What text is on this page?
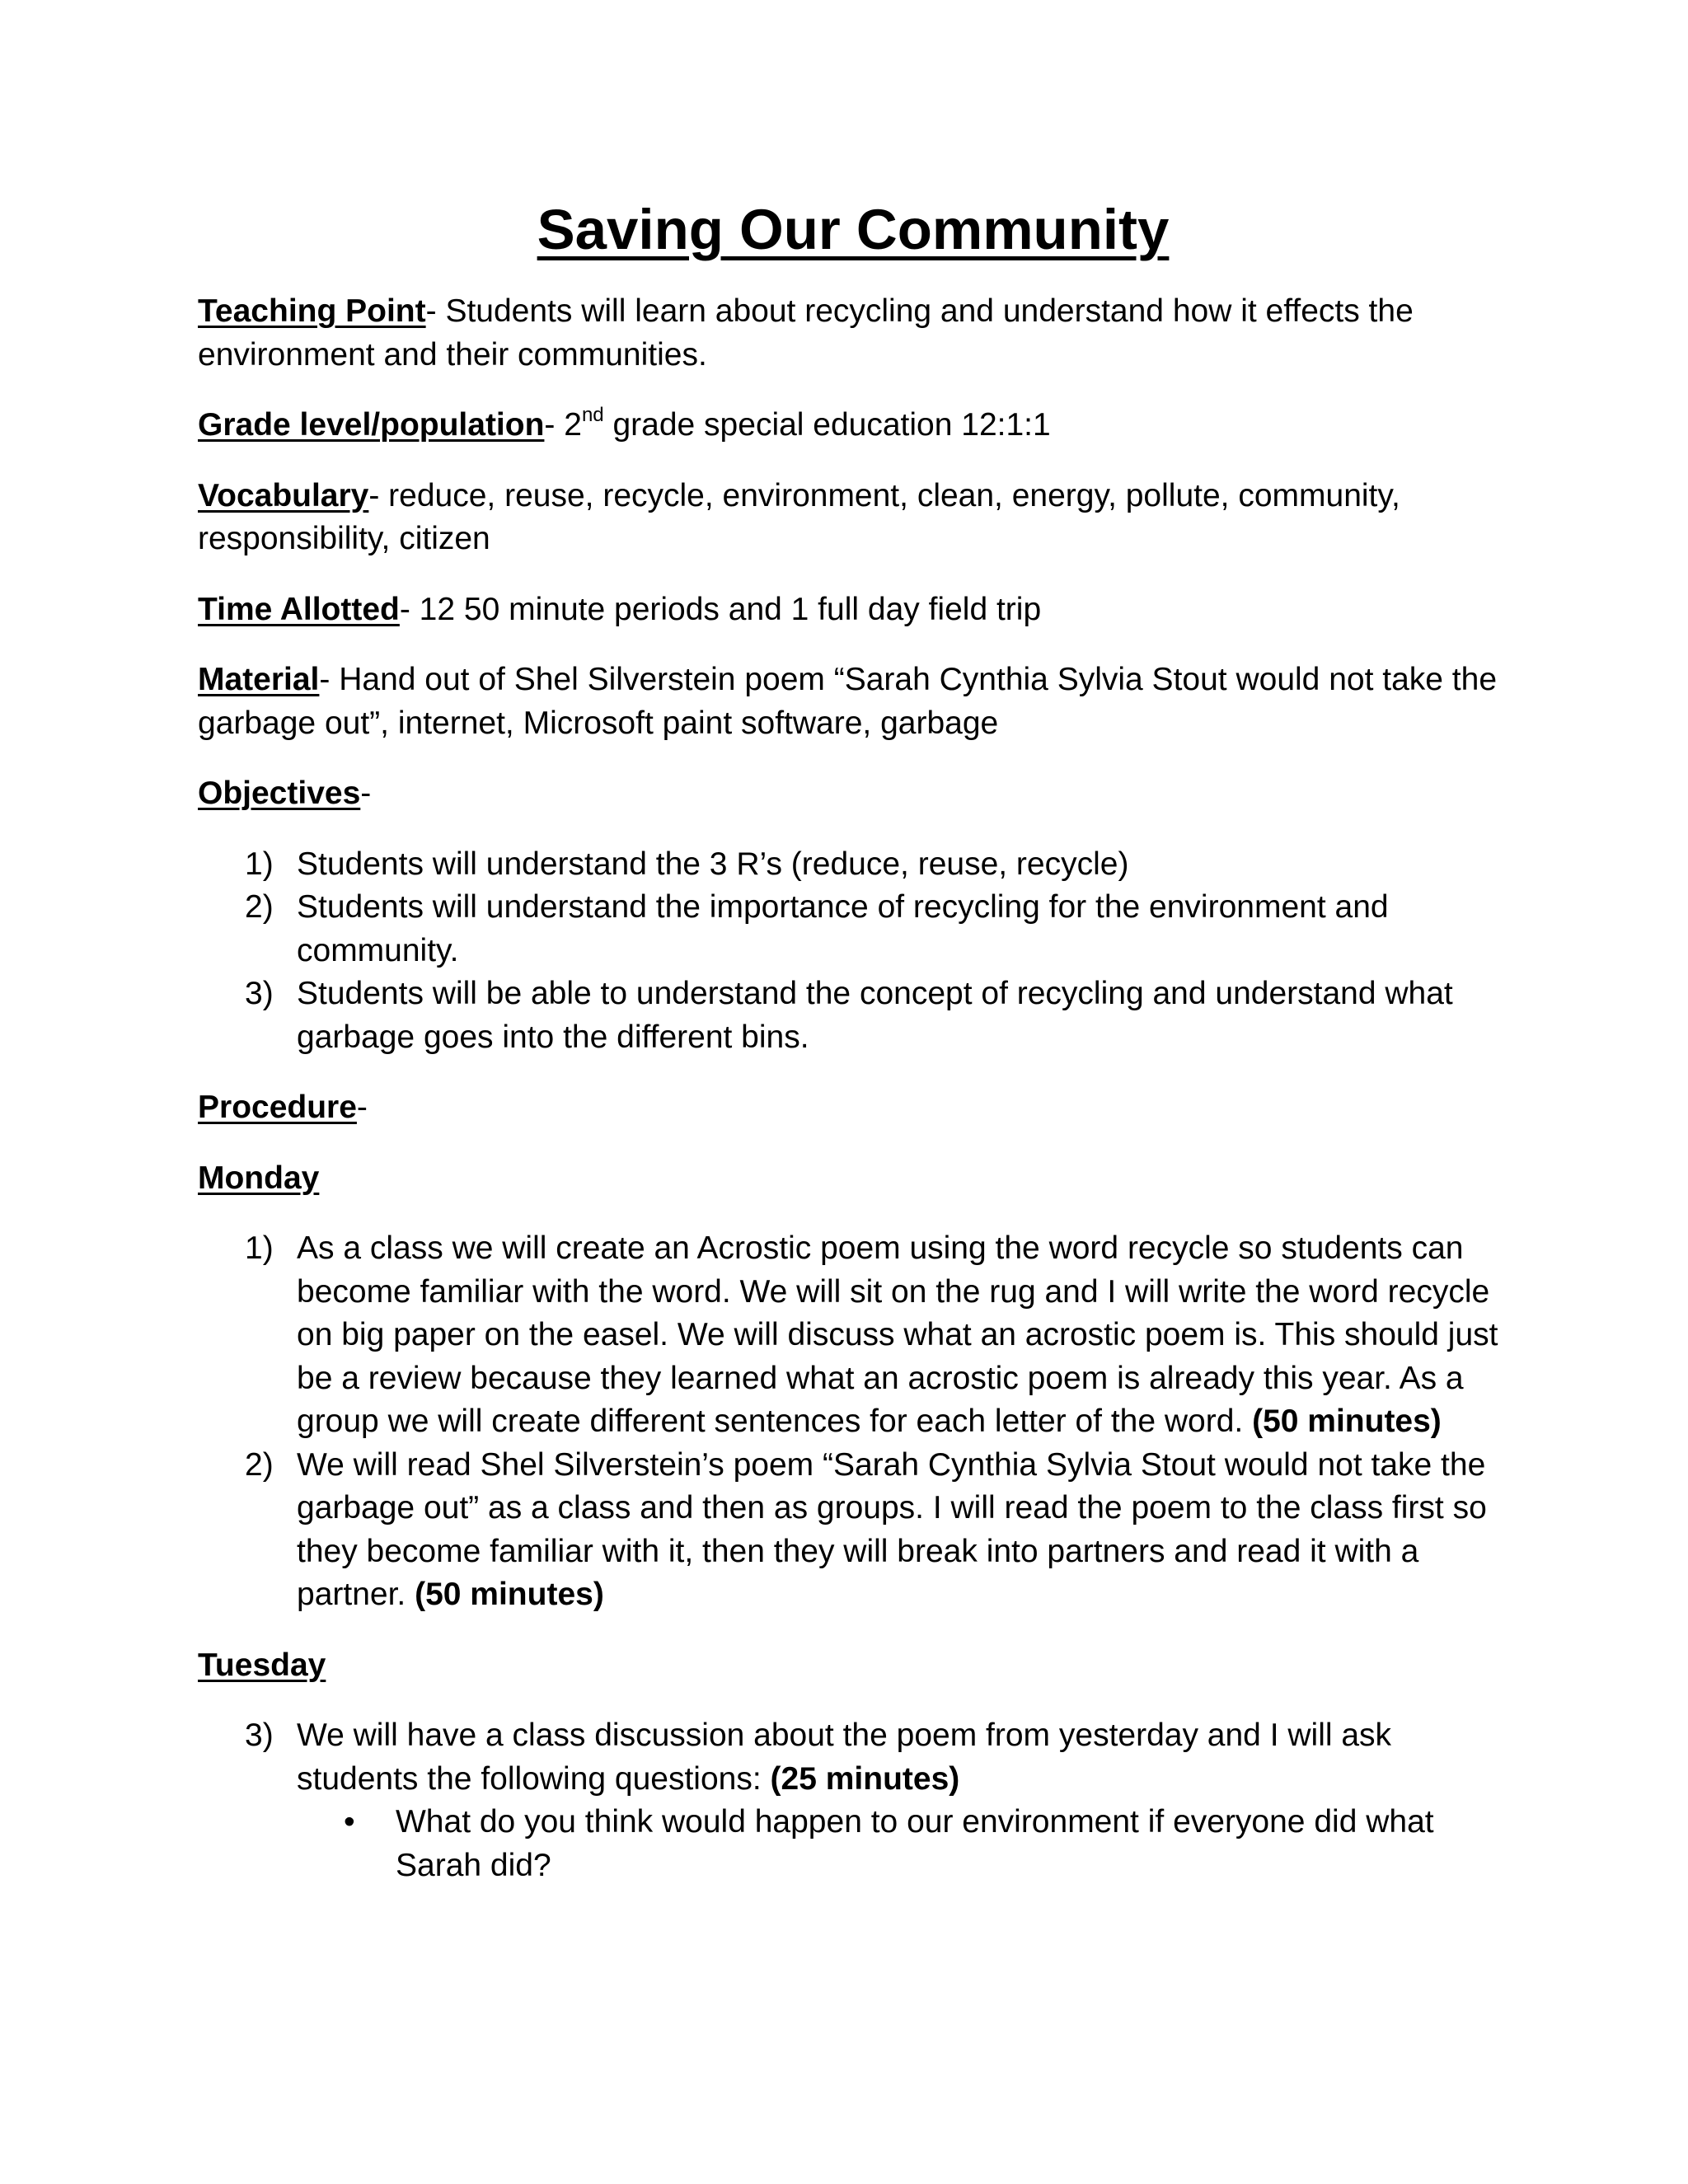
Saving Our Community

Teaching Point- Students will learn about recycling and understand how it effects the environment and their communities.

Grade level/population- 2nd grade special education 12:1:1

Vocabulary- reduce, reuse, recycle, environment, clean, energy, pollute, community, responsibility, citizen

Time Allotted- 12 50 minute periods and 1 full day field trip

Material- Hand out of Shel Silverstein poem “Sarah Cynthia Sylvia Stout would not take the garbage out”, internet, Microsoft paint software, garbage

Objectives-

1) Students will understand the 3 R’s (reduce, reuse, recycle)
2) Students will understand the importance of recycling for the environment and community.
3) Students will be able to understand the concept of recycling and understand what garbage goes into the different bins.

Procedure-

Monday

1) As a class we will create an Acrostic poem using the word recycle so students can become familiar with the word. We will sit on the rug and I will write the word recycle on big paper on the easel. We will discuss what an acrostic poem is. This should just be a review because they learned what an acrostic poem is already this year. As a group we will create different sentences for each letter of the word. (50 minutes)
2) We will read Shel Silverstein’s poem “Sarah Cynthia Sylvia Stout would not take the garbage out” as a class and then as groups. I will read the poem to the class first so they become familiar with it, then they will break into partners and read it with a partner. (50 minutes)

Tuesday

3) We will have a class discussion about the poem from yesterday and I will ask students the following questions: (25 minutes)
• What do you think would happen to our environment if everyone did what Sarah did?
